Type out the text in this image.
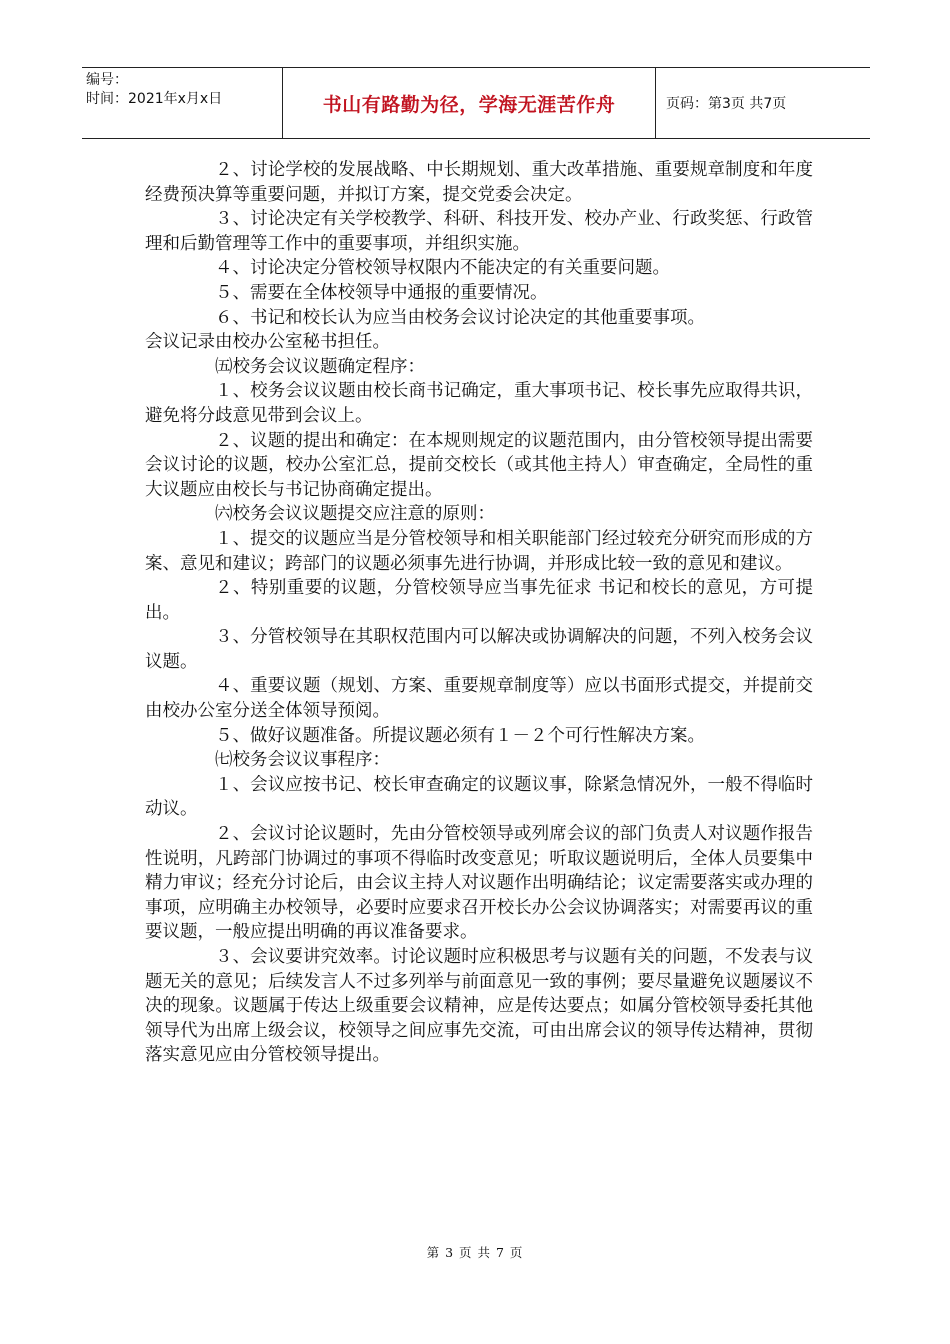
编号：
时间：2021年x月x日	书山有路勤为径，学海无涯苦作舟	页码：第3页 共7页

２、讨论学校的发展战略、中长期规划、重大改革措施、重要规章制度和年度经费预决算等重要问题，并拟订方案，提交党委会决定。

３、讨论决定有关学校教学、科研、科技开发、校办产业、行政奖惩、行政管理和后勤管理等工作中的重要事项，并组织实施。

４、讨论决定分管校领导权限内不能决定的有关重要问题。

５、需要在全体校领导中通报的重要情况。

６、书记和校长认为应当由校务会议讨论决定的其他重要事项。

会议记录由校办公室秘书担任。

㈤校务会议议题确定程序：

１、校务会议议题由校长商书记确定，重大事项书记、校长事先应取得共识，避免将分歧意见带到会议上。

２、议题的提出和确定：在本规则规定的议题范围内，由分管校领导提出需要会议讨论的议题，校办公室汇总，提前交校长（或其他主持人）审查确定，全局性的重大议题应由校长与书记协商确定提出。

㈥校务会议议题提交应注意的原则：

１、提交的议题应当是分管校领导和相关职能部门经过较充分研究而形成的方案、意见和建议；跨部门的议题必须事先进行协调，并形成比较一致的意见和建议。

２、特别重要的议题，分管校领导应当事先征求 书记和校长的意见，方可提出。

３、分管校领导在其职权范围内可以解决或协调解决的问题，不列入校务会议议题。

４、重要议题（规划、方案、重要规章制度等）应以书面形式提交，并提前交由校办公室分送全体领导预阅。

５、做好议题准备。所提议题必须有１－２个可行性解决方案。

㈦校务会议议事程序：

１、会议应按书记、校长审查确定的议题议事，除紧急情况外，一般不得临时动议。

２、会议讨论议题时，先由分管校领导或列席会议的部门负责人对议题作报告性说明，凡跨部门协调过的事项不得临时改变意见；听取议题说明后，全体人员要集中精力审议；经充分讨论后，由会议主持人对议题作出明确结论；议定需要落实或办理的事项，应明确主办校领导，必要时应要求召开校长办公会议协调落实；对需要再议的重要议题，一般应提出明确的再议准备要求。

３、会议要讲究效率。讨论议题时应积极思考与议题有关的问题，不发表与议题无关的意见；后续发言人不过多列举与前面意见一致的事例；要尽量避免议题屡议不决的现象。议题属于传达上级重要会议精神，应是传达要点；如属分管校领导委托其他领导代为出席上级会议，校领导之间应事先交流，可由出席会议的领导传达精神，贯彻落实意见应由分管校领导提出。

第 3 页 共 7 页
